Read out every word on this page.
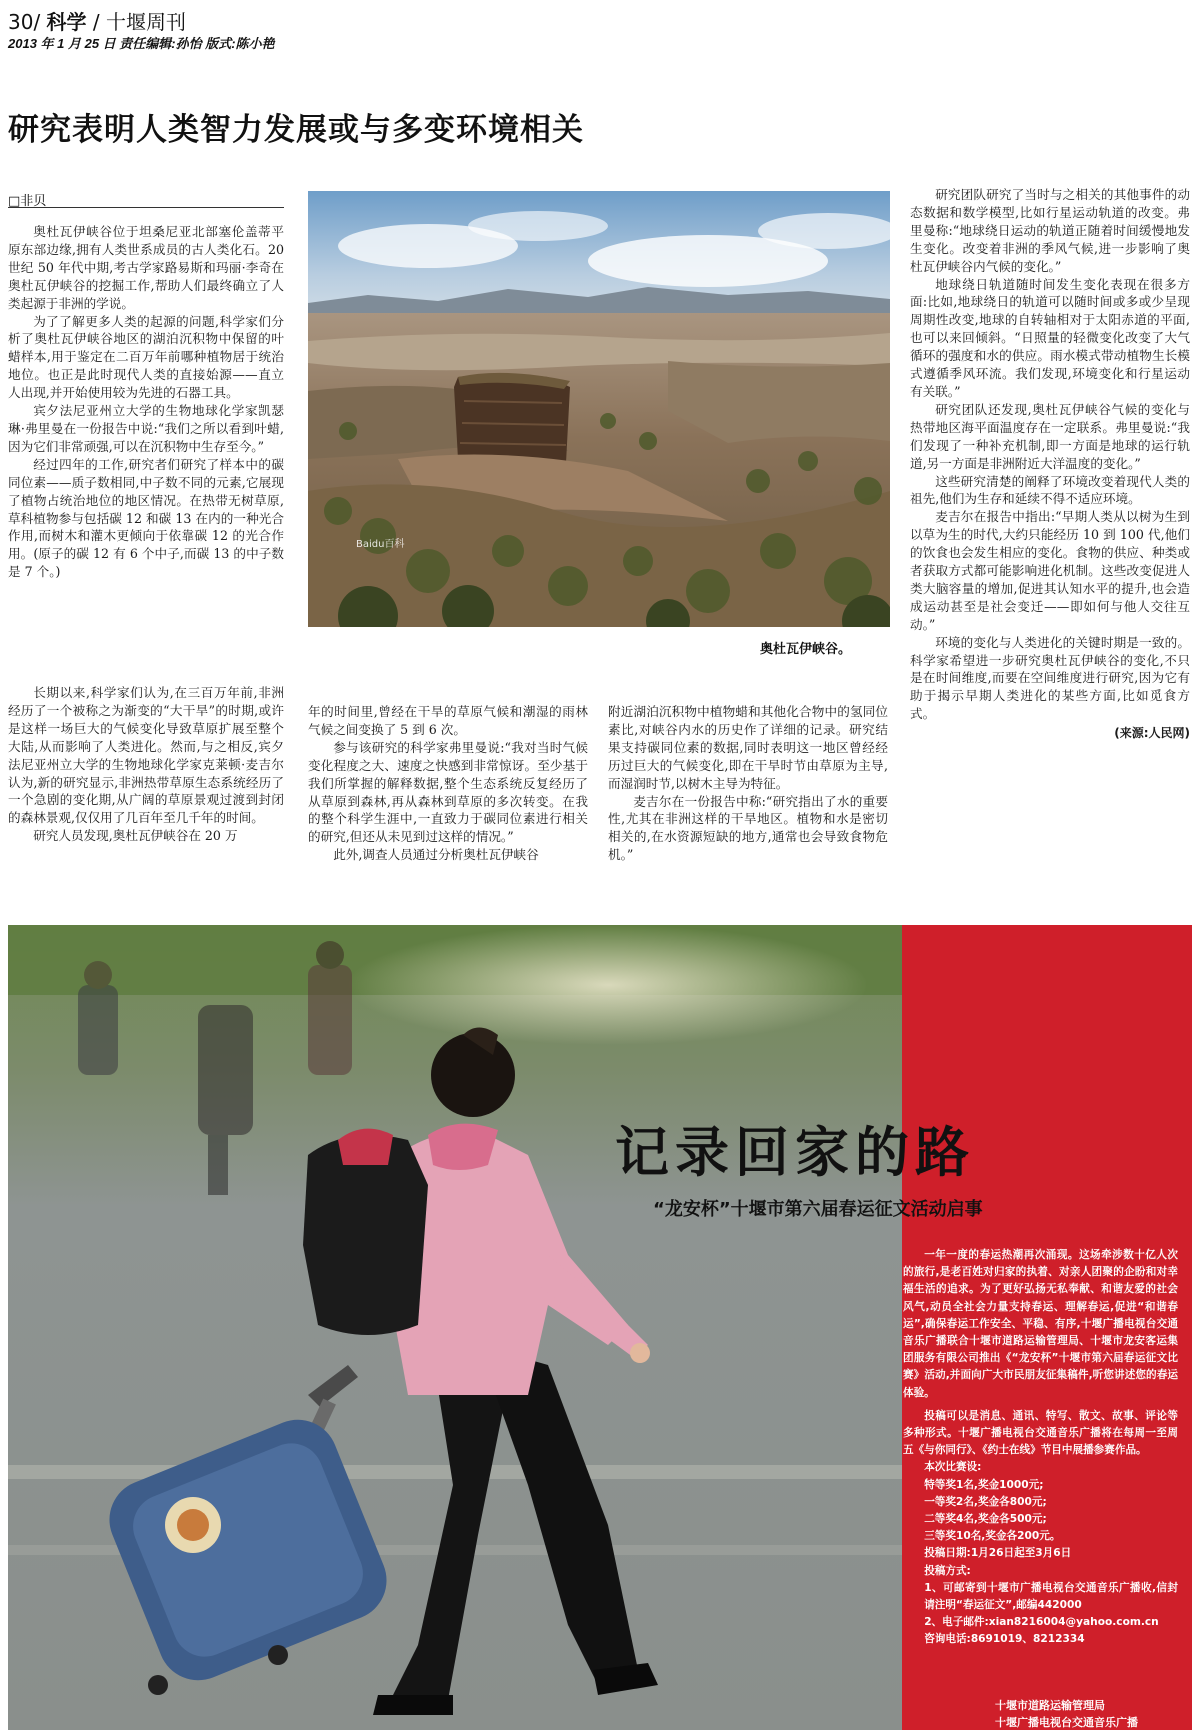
30/ 科学 / 十堰周刊
2013 年 1 月 25 日 责任编辑:孙怡 版式:陈小艳
研究表明人类智力发展或与多变环境相关
□非贝

奥杜瓦伊峡谷位于坦桑尼亚北部塞伦盖蒂平原东部边缘,拥有人类世系成员的古人类化石。20 世纪 50 年代中期,考古学家路易斯和玛丽·李奇在奥杜瓦伊峡谷的挖掘工作,帮助人们最终确立了人类起源于非洲的学说。

为了了解更多人类的起源的问题,科学家们分析了奥杜瓦伊峡谷地区的湖泊沉积物中保留的叶蜡样本,用于鉴定在二百万年前哪种植物居于统治地位。也正是此时现代人类的直接始源——直立人出现,并开始使用较为先进的石器工具。

宾夕法尼亚州立大学的生物地球化学家凯瑟琳·弗里曼在一份报告中说:“我们之所以看到叶蜡,因为它们非常顽强,可以在沉积物中生存至今。”

经过四年的工作,研究者们研究了样本中的碳同位素——质子数相同,中子数不同的元素,它展现了植物占统治地位的地区情况。在热带无树草原,草科植物参与包括碳 12 和碳 13 在内的一种光合作用,而树木和灌木更倾向于依靠碳 12 的光合作用。(原子的碳 12 有 6 个中子,而碳 13 的中子数是 7 个。)

长期以来,科学家们认为,在三百万年前,非洲经历了一个被称之为渐变的“大干旱”的时期,或许是这样一场巨大的气候变化导致草原扩展至整个大陆,从而影响了人类进化。然而,与之相反,宾夕法尼亚州立大学的生物地球化学家克莱顿·麦吉尔认为,新的研究显示,非洲热带草原生态系统经历了一个急剧的变化期,从广阔的草原景观过渡到封闭的森林景观,仅仅用了几百年至几千年的时间。

研究人员发现,奥杜瓦伊峡谷在 20 万

年的时间里,曾经在干旱的草原气候和潮湿的雨林气候之间变换了 5 到 6 次。

参与该研究的科学家弗里曼说:“我对当时气候变化程度之大、速度之快感到非常惊讶。至少基于我们所掌握的解释数据,整个生态系统反复经历了从草原到森林,再从森林到草原的多次转变。在我的整个科学生涯中,一直致力于碳同位素进行相关的研究,但还从未见到过这样的情况。”

此外,调查人员通过分析奥杜瓦伊峡谷

附近湖泊沉积物中植物蜡和其他化合物中的氢同位素比,对峡谷内水的历史作了详细的记录。研究结果支持碳同位素的数据,同时表明这一地区曾经经历过巨大的气候变化,即在干旱时节由草原为主导,而湿润时节,以树木主导为特征。

麦吉尔在一份报告中称:“研究指出了水的重要性,尤其在非洲这样的干旱地区。植物和水是密切相关的,在水资源短缺的地方,通常也会导致食物危机。”

研究团队研究了当时与之相关的其他事件的动态数据和数学模型,比如行星运动轨道的改变。弗里曼称:“地球绕日运动的轨道正随着时间缓慢地发生变化。改变着非洲的季风气候,进一步影响了奥杜瓦伊峡谷内气候的变化。”

地球绕日轨道随时间发生变化表现在很多方面:比如,地球绕日的轨道可以随时间或多或少呈现周期性改变,地球的自转轴相对于太阳赤道的平面,也可以来回倾斜。“日照量的轻微变化改变了大气循环的强度和水的供应。雨水模式带动植物生长模式遵循季风环流。我们发现,环境变化和行星运动有关联。”

研究团队还发现,奥杜瓦伊峡谷气候的变化与热带地区海平面温度存在一定联系。弗里曼说:“我们发现了一种补充机制,即一方面是地球的运行轨道,另一方面是非洲附近大洋温度的变化。”

这些研究清楚的阐释了环境改变着现代人类的祖先,他们为生存和延续不得不适应环境。

麦吉尔在报告中指出:“早期人类从以树为生到以草为生的时代,大约只能经历 10 到 100 代,他们的饮食也会发生相应的变化。食物的供应、种类或者获取方式都可能影响进化机制。这些改变促进人类大脑容量的增加,促进其认知水平的提升,也会造成运动甚至是社会变迁——即如何与他人交往互动。”

环境的变化与人类进化的关键时期是一致的。科学家希望进一步研究奥杜瓦伊峡谷的变化,不只是在时间维度,而要在空间维度进行研究,因为它有助于揭示早期人类进化的某些方面,比如觅食方式。

(来源:人民网)
Baidu百科
奥杜瓦伊峡谷。
记录回家的路
“龙安杯”十堰市第六届春运征文活动启事

一年一度的春运热潮再次涌现。这场牵涉数十亿人次的旅行,是老百姓对归家的执着、对亲人团聚的企盼和对幸福生活的追求。为了更好弘扬无私奉献、和谐友爱的社会风气,动员全社会力量支持春运、理解春运,促进“和谐春运”,确保春运工作安全、平稳、有序,十堰广播电视台交通音乐广播联合十堰市道路运输管理局、十堰市龙安客运集团服务有限公司推出《“龙安杯”十堰市第六届春运征文比赛》活动,并面向广大市民朋友征集稿件,听您讲述您的春运体验。

投稿可以是消息、通讯、特写、散文、故事、评论等多种形式。十堰广播电视台交通音乐广播将在每周一至周五《与你同行》、《约士在线》节目中展播参赛作品。

本次比赛设:

特等奖1名,奖金1000元;

一等奖2名,奖金各800元;

二等奖4名,奖金各500元;

三等奖10名,奖金各200元。

投稿日期:1月26日起至3月6日

投稿方式:

1、可邮寄到十堰市广播电视台交通音乐广播收,信封请注明“春运征文”,邮编442000

2、电子邮件:xian8216004@yahoo.com.cn

咨询电话:8691019、8212334

十堰市道路运输管理局
十堰广播电视台交通音乐广播
